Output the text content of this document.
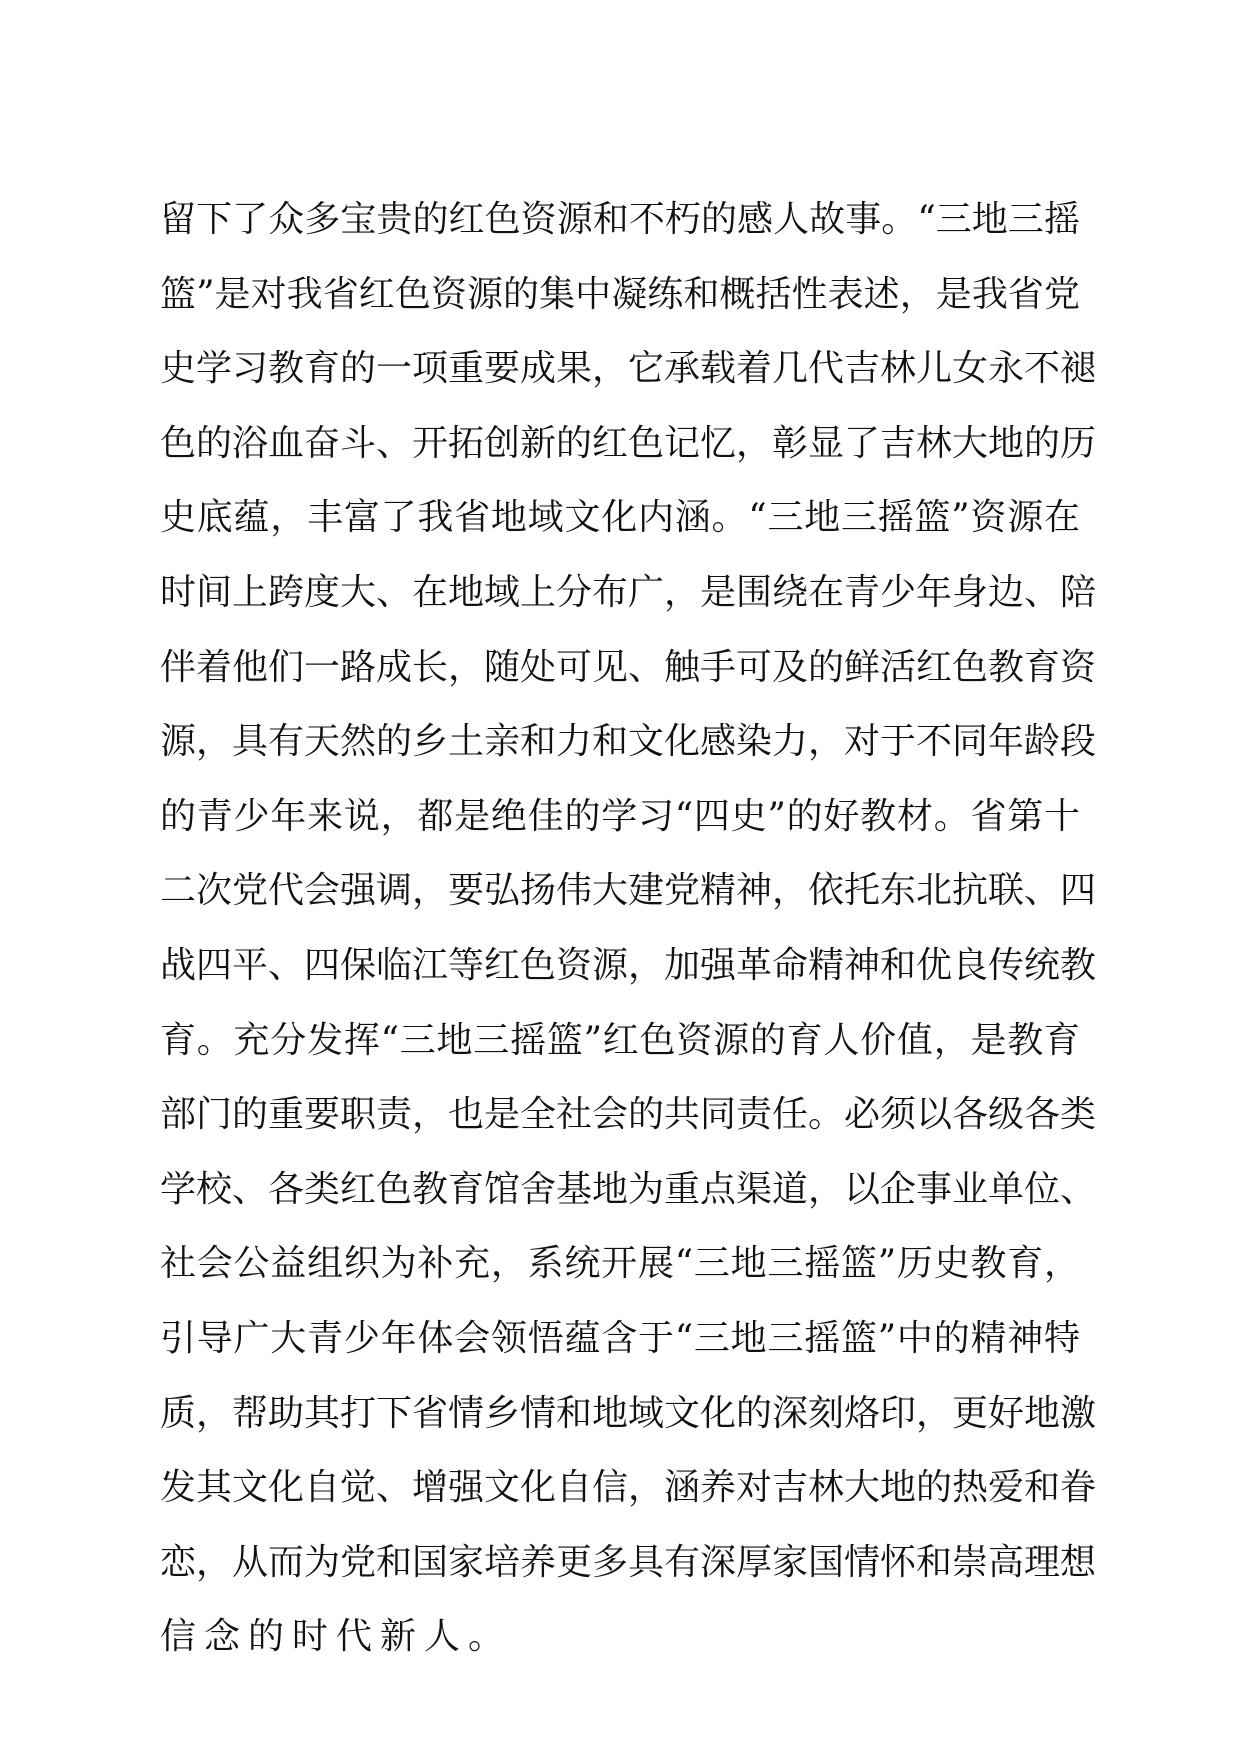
留下了众多宝贵的红色资源和不朽的感人故事。“三地三摇
篮”是对我省红色资源的集中凝练和概括性表述，是我省党
史学习教育的一项重要成果，它承载着几代吉林儿女永不褪
色的浴血奋斗、开拓创新的红色记忆，彰显了吉林大地的历
史底蕴，丰富了我省地域文化内涵。“三地三摇篮”资源在
时间上跨度大、在地域上分布广，是围绕在青少年身边、陪
伴着他们一路成长，随处可见、触手可及的鲜活红色教育资
源，具有天然的乡土亲和力和文化感染力，对于不同年龄段
的青少年来说，都是绝佳的学习“四史”的好教材。省第十
二次党代会强调，要弘扬伟大建党精神，依托东北抗联、四
战四平、四保临江等红色资源，加强革命精神和优良传统教
育。充分发挥“三地三摇篮”红色资源的育人价值，是教育
部门的重要职责，也是全社会的共同责任。必须以各级各类
学校、各类红色教育馆舍基地为重点渠道，以企事业单位、
社会公益组织为补充，系统开展“三地三摇篮”历史教育，
引导广大青少年体会领悟蕴含于“三地三摇篮”中的精神特
质，帮助其打下省情乡情和地域文化的深刻烙印，更好地激
发其文化自觉、增强文化自信，涵养对吉林大地的热爱和眷
恋，从而为党和国家培养更多具有深厚家国情怀和崇高理想
信念的时代新人。
